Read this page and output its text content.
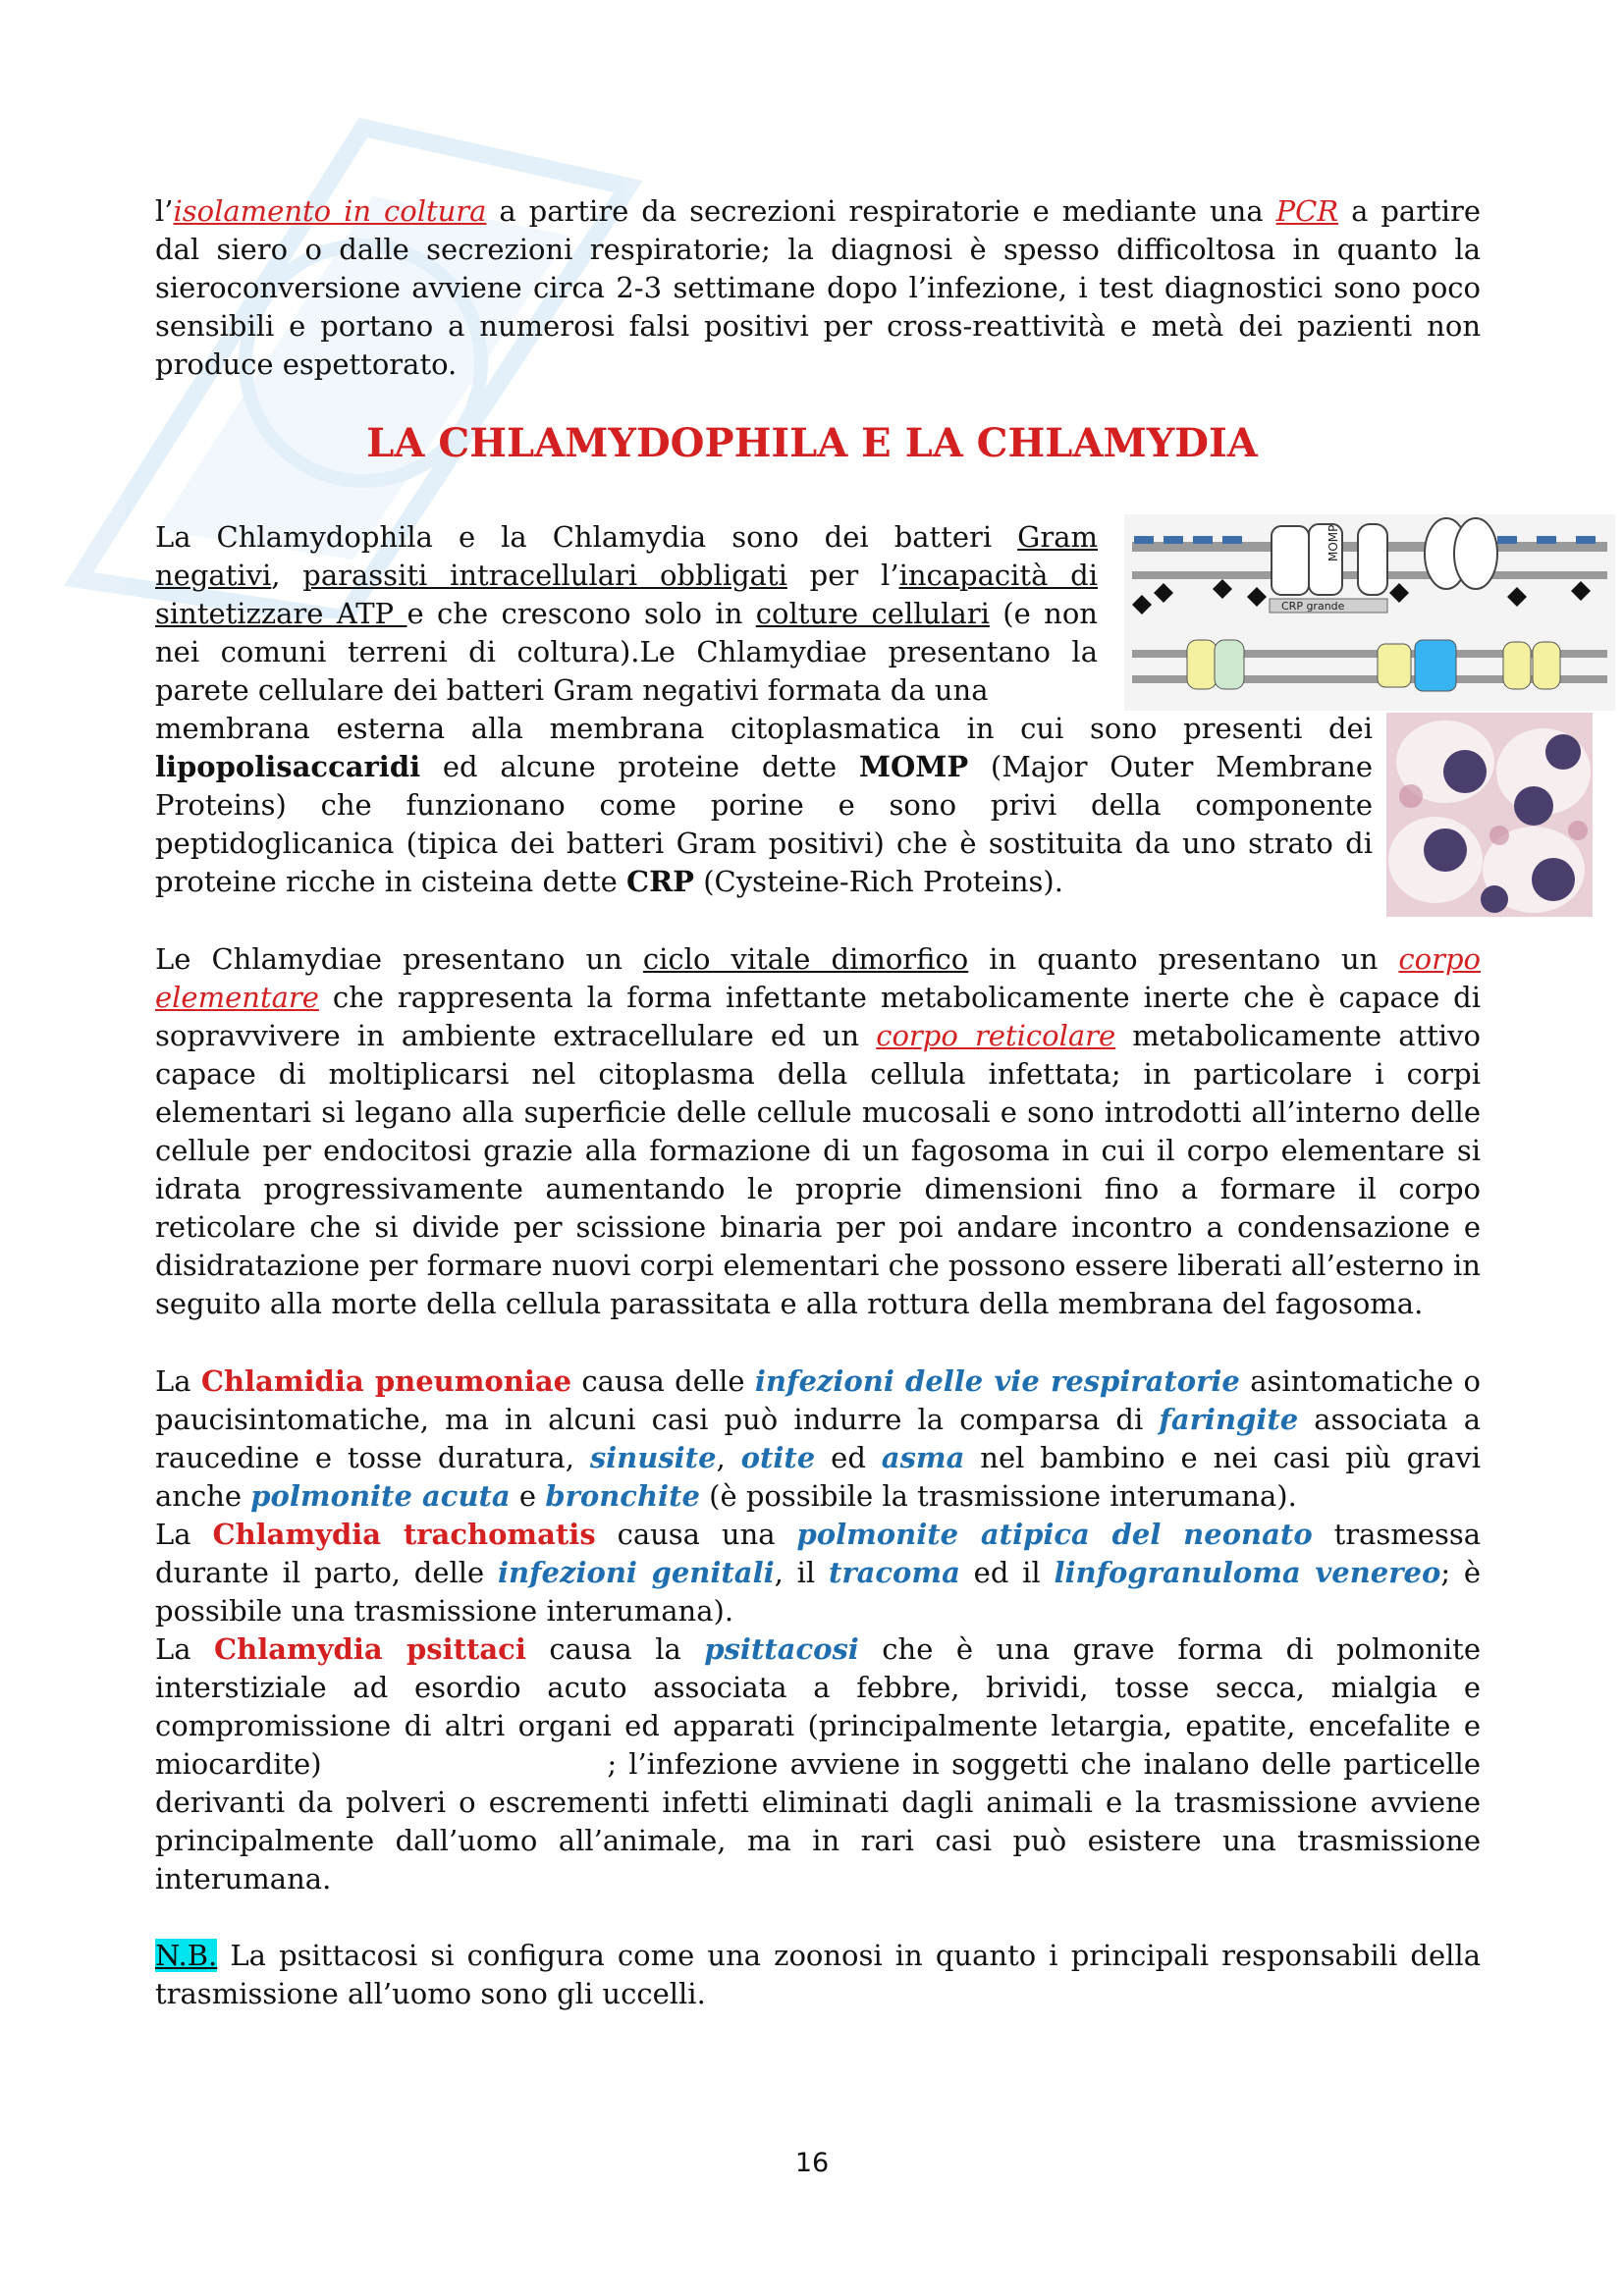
l’isolamento in coltura a partire da secrezioni respiratorie e mediante una PCR a partire dal siero o dalle secrezioni respiratorie; la diagnosi è spesso difficoltosa in quanto la sieroconversione avviene circa 2-3 settimane dopo l’infezione, i test diagnostici sono poco sensibili e portano a numerosi falsi positivi per cross-reattività e metà dei pazienti non produce espettorato.

LA CHLAMYDOPHILA E LA CHLAMYDIA
MOMP
CRP grande

La Chlamydophila e la Chlamydia sono dei batteri Gram negativi, parassiti intracellulari obbligati per l’incapacità di sintetizzare ATP e che crescono solo in colture cellulari (e non nei comuni terreni di coltura).Le Chlamydiae presentano la parete cellulare dei batteri Gram negativi formata da una

membrana esterna alla membrana citoplasmatica in cui sono presenti dei lipopolisaccaridi ed alcune proteine dette MOMP (Major Outer Membrane Proteins) che funzionano come porine e sono privi della componente peptidoglicanica (tipica dei batteri Gram positivi) che è sostituita da uno strato di proteine ricche in cisteina dette CRP (Cysteine-Rich Proteins).

Le Chlamydiae presentano un ciclo vitale dimorfico in quanto presentano un corpo elementare che rappresenta la forma infettante metabolicamente inerte che è capace di sopravvivere in ambiente extracellulare ed un corpo reticolare metabolicamente attivo capace di moltiplicarsi nel citoplasma della cellula infettata; in particolare i corpi elementari si legano alla superficie delle cellule mucosali e sono introdotti all’interno delle cellule per endocitosi grazie alla formazione di un fagosoma in cui il corpo elementare si idrata progressivamente aumentando le proprie dimensioni fino a formare il corpo reticolare che si divide per scissione binaria per poi andare incontro a condensazione e disidratazione per formare nuovi corpi elementari che possono essere liberati all’esterno in seguito alla morte della cellula parassitata e alla rottura della membrana del fagosoma.

La Chlamidia pneumoniae causa delle infezioni delle vie respiratorie asintomatiche o paucisintomatiche, ma in alcuni casi può indurre la comparsa di faringite associata a raucedine e tosse duratura, sinusite, otite ed asma nel bambino e nei casi più gravi anche polmonite acuta e bronchite (è possibile la trasmissione interumana).

La Chlamydia trachomatis causa una polmonite atipica del neonato trasmessa durante il parto, delle infezioni genitali, il tracoma ed il linfogranuloma venereo; è possibile una trasmissione interumana).

La Chlamydia psittaci causa la psittacosi che è una grave forma di polmonite interstiziale ad esordio acuto associata a febbre, brividi, tosse secca, mialgia e compromissione di altri organi ed apparati (principalmente letargia, epatite, encefalite e miocardite)                        ; l’infezione avviene in soggetti che inalano delle particelle derivanti da polveri o escrementi infetti eliminati dagli animali e la trasmissione avviene principalmente dall’uomo all’animale, ma in rari casi può esistere una trasmissione interumana.

N.B. La psittacosi si configura come una zoonosi in quanto i principali responsabili della trasmissione all’uomo sono gli uccelli.

16
